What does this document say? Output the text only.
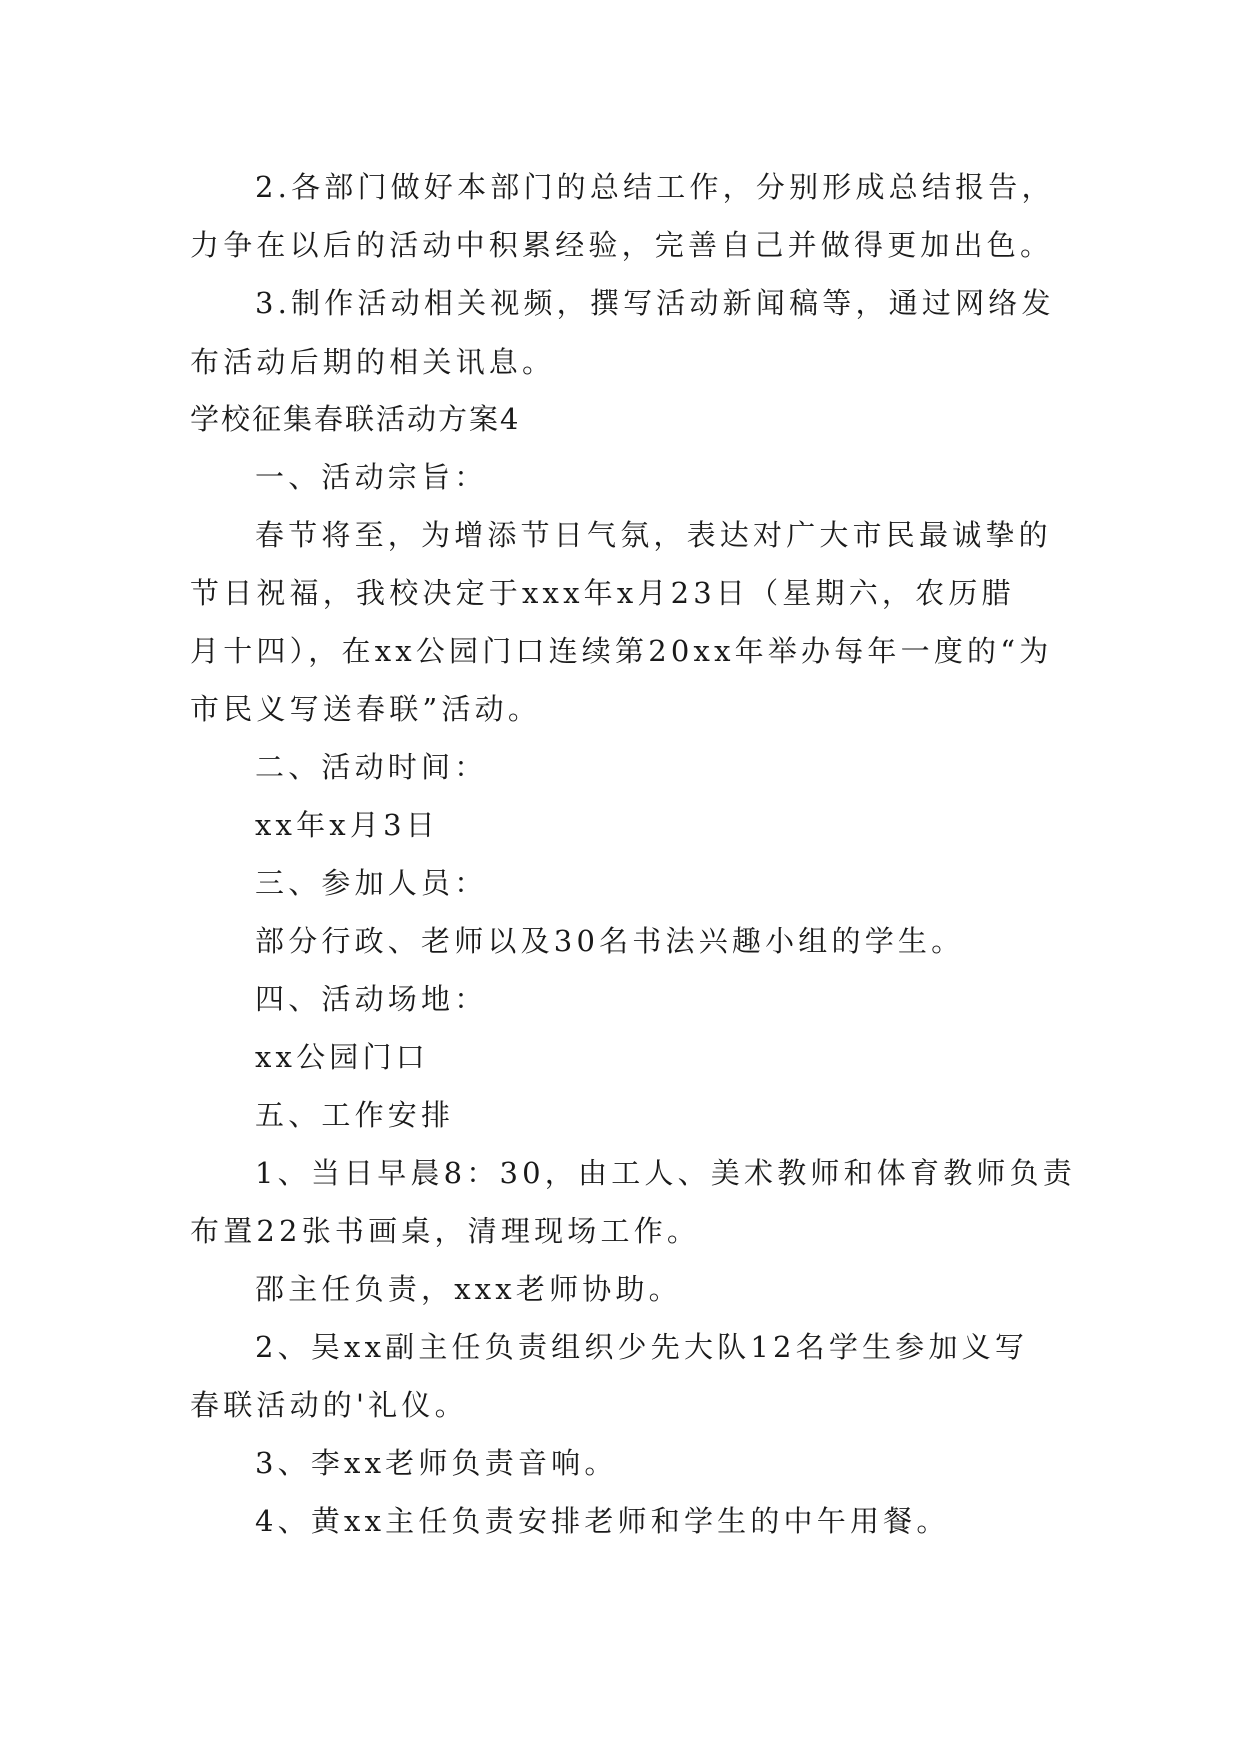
2.各部门做好本部门的总结工作，分别形成总结报告，
力争在以后的活动中积累经验，完善自己并做得更加出色。
3.制作活动相关视频，撰写活动新闻稿等，通过网络发
布活动后期的相关讯息。
学校征集春联活动方案4
一、活动宗旨：
春节将至，为增添节日气氛，表达对广大市民最诚挚的
节日祝福，我校决定于xxx年x月23日（星期六，农历腊
月十四），在xx公园门口连续第20xx年举办每年一度的“为
市民义写送春联”活动。
二、活动时间：
xx年x月3日
三、参加人员：
部分行政、老师以及30名书法兴趣小组的学生。
四、活动场地：
xx公园门口
五、工作安排
1、当日早晨8：30，由工人、美术教师和体育教师负责
布置22张书画桌，清理现场工作。
邵主任负责，xxx老师协助。
2、吴xx副主任负责组织少先大队12名学生参加义写
春联活动的'礼仪。
3、李xx老师负责音响。
4、黄xx主任负责安排老师和学生的中午用餐。
